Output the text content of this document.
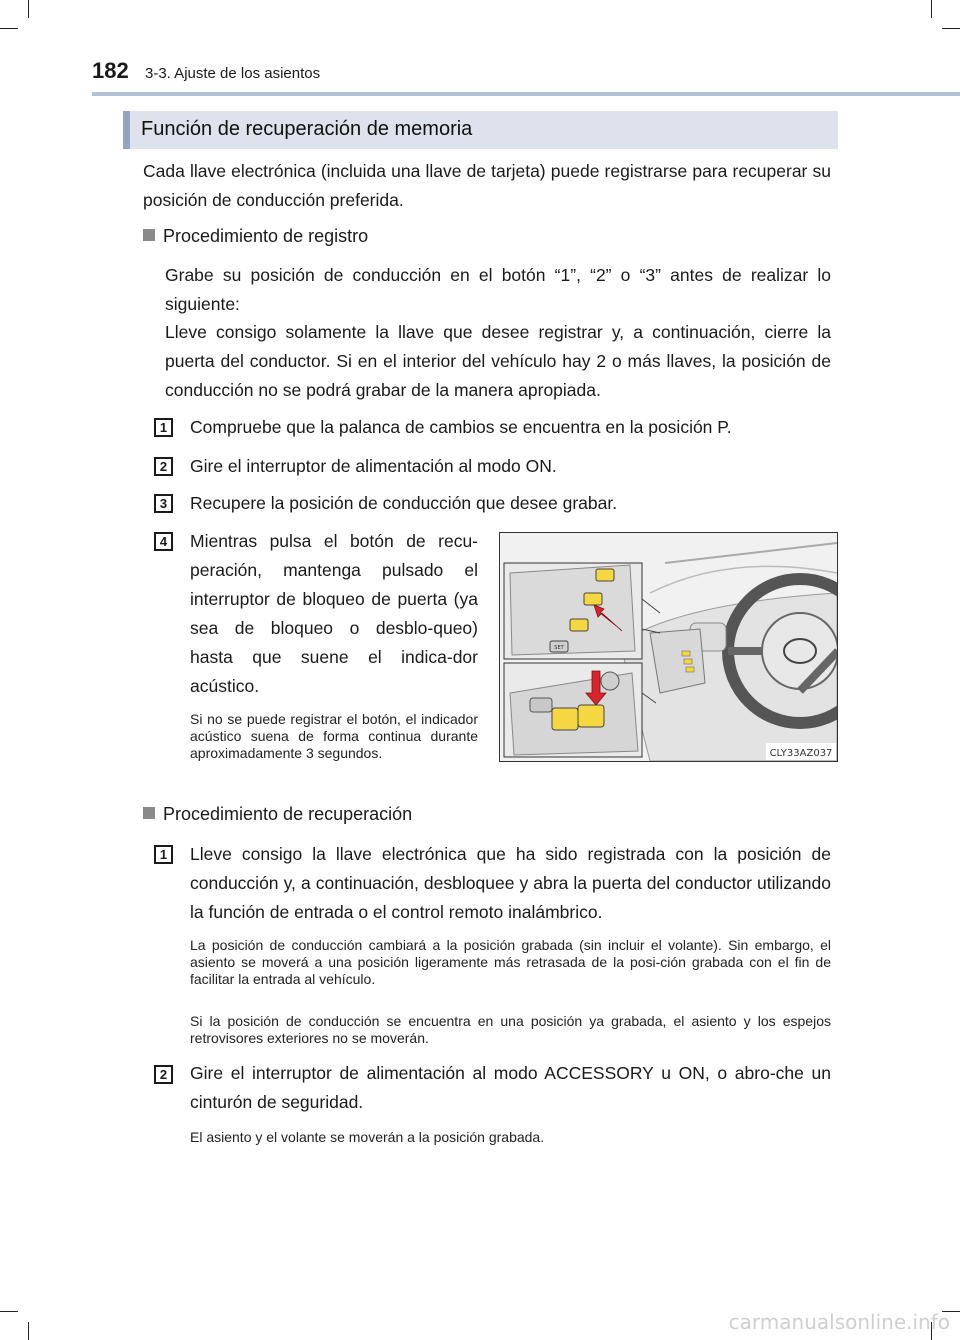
182 3-3. Ajuste de los asientos
Función de recuperación de memoria
Cada llave electrónica (incluida una llave de tarjeta) puede registrarse para recuperar su posición de conducción preferida.
Procedimiento de registro
Grabe su posición de conducción en el botón “1”, “2” o “3” antes de realizar lo siguiente:
Lleve consigo solamente la llave que desee registrar y, a continuación, cierre la puerta del conductor. Si en el interior del vehículo hay 2 o más llaves, la posición de conducción no se podrá grabar de la manera apropiada.
1	Compruebe que la palanca de cambios se encuentra en la posición P.
2	Gire el interruptor de alimentación al modo ON.
3	Recupere la posición de conducción que desee grabar.
4	Mientras pulsa el botón de recu-peración, mantenga pulsado el interruptor de bloqueo de puerta (ya sea de bloqueo o desblo-queo) hasta que suene el indica-dor acústico.
Si no se puede registrar el botón, el indicador acústico suena de forma continua durante aproximadamente 3 segundos.
SET
CLY33AZ037
Procedimiento de recuperación
1	Lleve consigo la llave electrónica que ha sido registrada con la posición de conducción y, a continuación, desbloquee y abra la puerta del conductor utilizando la función de entrada o el control remoto inalámbrico.
La posición de conducción cambiará a la posición grabada (sin incluir el volante). Sin embargo, el asiento se moverá a una posición ligeramente más retrasada de la posi-ción grabada con el fin de facilitar la entrada al vehículo.
Si la posición de conducción se encuentra en una posición ya grabada, el asiento y los espejos retrovisores exteriores no se moverán.
2	Gire el interruptor de alimentación al modo ACCESSORY u ON, o abro-che un cinturón de seguridad.
El asiento y el volante se moverán a la posición grabada.
carmanualsonline.info
